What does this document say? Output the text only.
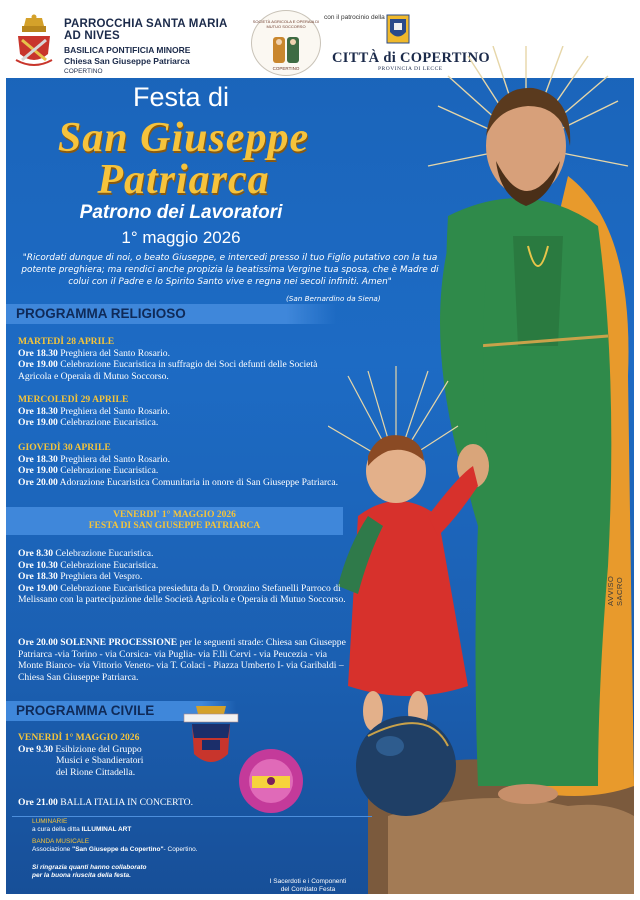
PARROCCHIA SANTA MARIA AD NIVES
BASILICA PONTIFICIA MINORE
Chiesa San Giuseppe Patriarca
COPERTINO
SOCIETÀ AGRICOLA E OPERAIA DI MUTUO SOCCORSO
COPERTINO
con il patrocinio della
CITTÀ di COPERTINO
PROVINCIA DI LECCE
AVVISO SACRO
Festa di
San Giuseppe
Patriarca
Patrono dei Lavoratori
1° maggio 2026
"Ricordati dunque di noi, o beato Giuseppe, e intercedi presso il tuo Figlio putativo con la tua potente preghiera; ma rendici anche propizia la beatissima Vergine tua sposa, che è Madre di colui con il Padre e lo Spirito Santo vive e regna nei secoli infiniti. Amen"
(San Bernardino da Siena)
PROGRAMMA RELIGIOSO
MARTEDÌ 28 APRILE
Ore 18.30 Preghiera del Santo Rosario.
Ore 19.00 Celebrazione Eucaristica in suffragio dei Soci defunti delle Società Agricola e Operaia di Mutuo Soccorso.
MERCOLEDÌ 29 APRILE
Ore 18.30 Preghiera del Santo Rosario.
Ore 19.00 Celebrazione Eucaristica.
GIOVEDÌ 30 APRILE
Ore 18.30 Preghiera del Santo Rosario.
Ore 19.00 Celebrazione Eucaristica.
Ore 20.00 Adorazione Eucaristica Comunitaria in onore di San Giuseppe Patriarca.
VENERDI' 1° MAGGIO 2026
FESTA DI SAN GIUSEPPE PATRIARCA
Ore 8.30 Celebrazione Eucaristica.
Ore 10.30 Celebrazione Eucaristica.
Ore 18.30 Preghiera del Vespro.
Ore 19.00 Celebrazione Eucaristica presieduta da D. Oronzino Stefanelli Parroco di Melissano con la partecipazione delle Società Agricola e Operaia di Mutuo Soccorso.
Ore 20.00 SOLENNE PROCESSIONE per le seguenti strade: Chiesa san Giuseppe Patriarca -via Torino - via Corsica- via Puglia- via F.lli Cervi - via Peucezia - via Monte Bianco- via Vittorio Veneto- via T. Colaci - Piazza Umberto I- via Garibaldi – Chiesa San Giuseppe Patriarca.
PROGRAMMA CIVILE
VENERDÌ 1° MAGGIO 2026
Ore 9.30 Esibizione del Gruppo
Musici e Sbandieratori
del Rione Cittadella.
Ore 21.00 BALLA ITALIA IN CONCERTO.
LUMINARIE
a cura della ditta ILLUMINAL ART
BANDA MUSICALE
Associazione "San Giuseppe da Copertino"- Copertino.
Si ringrazia quanti hanno collaborato
per la buona riuscita della festa.
I Sacerdoti e i Componenti
del Comitato Festa
